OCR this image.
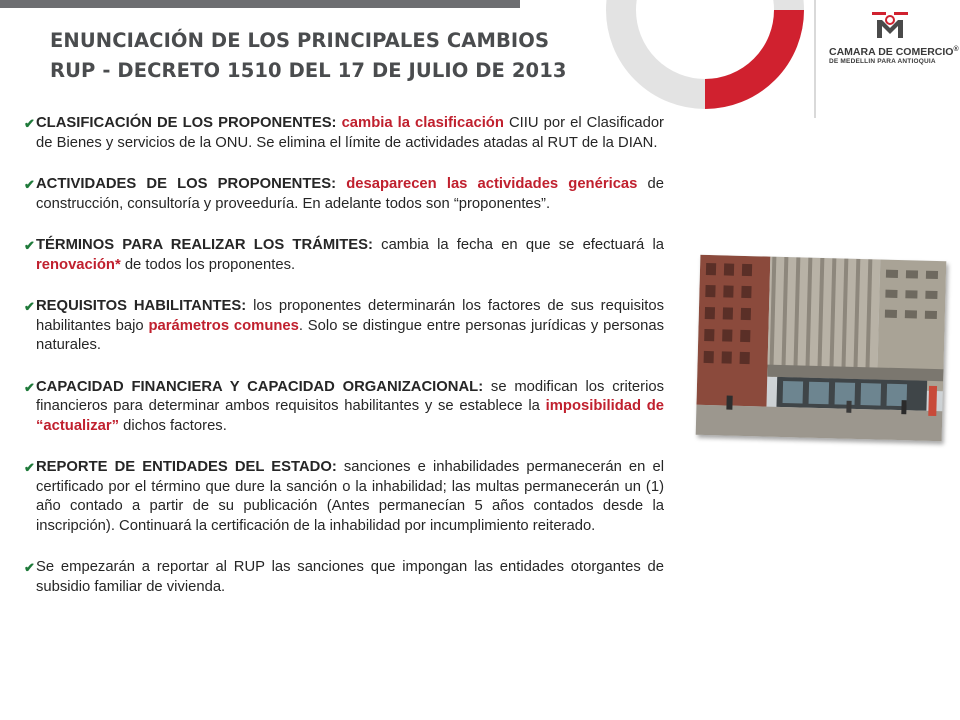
CAMARA DE COMERCIO®
DE MEDELLIN PARA ANTIOQUIA
ENUNCIACIÓN DE LOS PRINCIPALES CAMBIOS
RUP - DECRETO 1510 DEL 17 DE JULIO DE 2013
✔ CLASIFICACIÓN DE LOS PROPONENTES: cambia la clasificación CIIU por el Clasificador de Bienes y servicios de la ONU. Se elimina el límite de actividades atadas al RUT de la DIAN.
✔ ACTIVIDADES DE LOS PROPONENTES: desaparecen las actividades genéricas de construcción, consultoría y proveeduría. En adelante todos son “proponentes”.
✔ TÉRMINOS PARA REALIZAR LOS TRÁMITES: cambia la fecha en que se efectuará la renovación* de todos los proponentes.
✔ REQUISITOS HABILITANTES: los proponentes determinarán los factores de sus requisitos habilitantes bajo parámetros comunes. Solo se distingue entre personas jurídicas y personas naturales.
✔ CAPACIDAD FINANCIERA Y CAPACIDAD ORGANIZACIONAL: se modifican los criterios financieros para determinar ambos requisitos habilitantes y se establece la imposibilidad de “actualizar” dichos factores.
✔ REPORTE DE ENTIDADES DEL ESTADO: sanciones e inhabilidades permanecerán en el certificado por el término que dure la sanción o la inhabilidad; las multas permanecerán un (1) año contado a partir de su publicación (Antes permanecían 5 años contados desde la inscripción). Continuará la certificación de la inhabilidad por incumplimiento reiterado.
✔ Se empezarán a reportar al RUP las sanciones que impongan las entidades otorgantes de subsidio familiar de vivienda.
